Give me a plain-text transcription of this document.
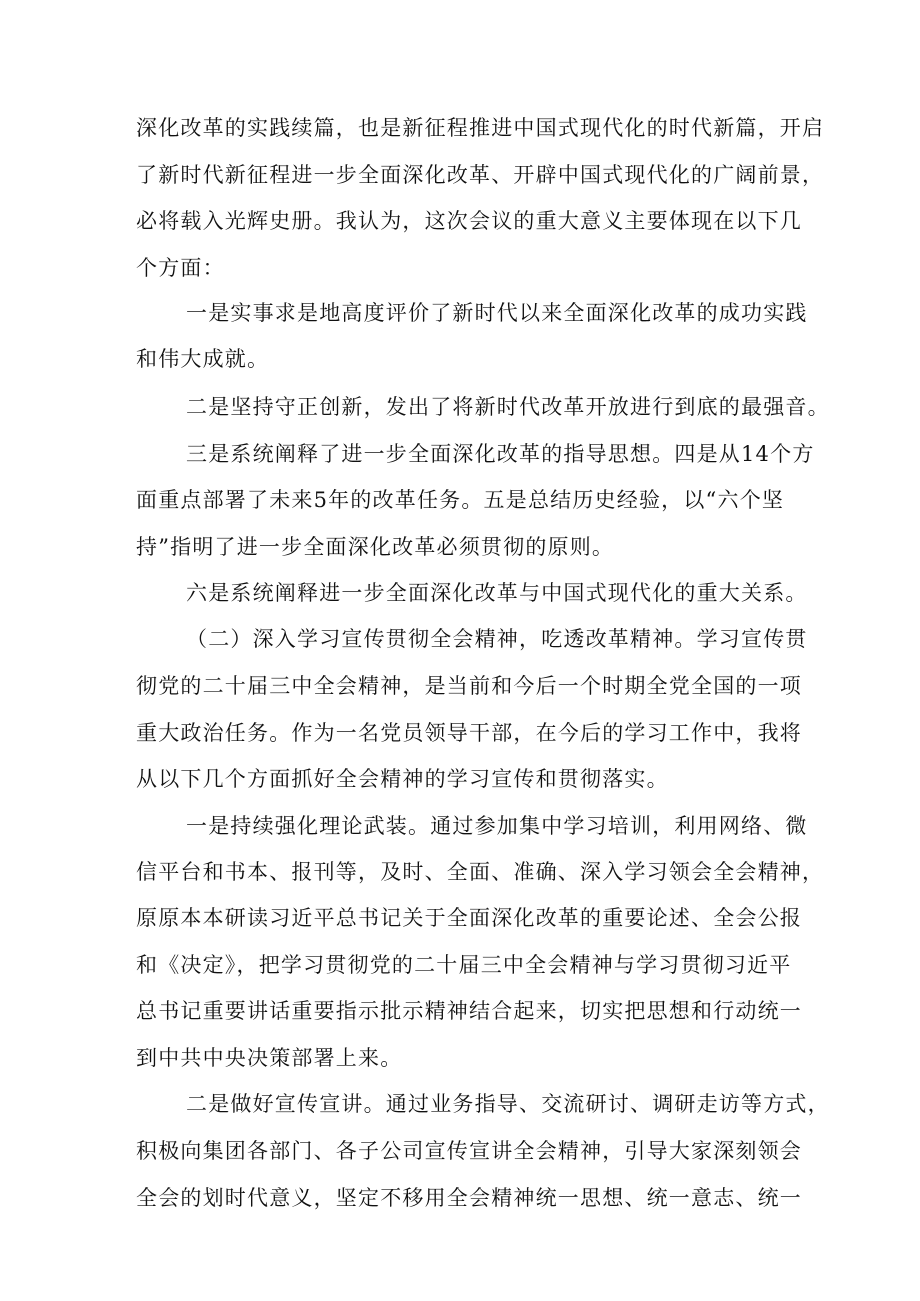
深化改革的实践续篇，也是新征程推进中国式现代化的时代新篇，开启
了新时代新征程进一步全面深化改革、开辟中国式现代化的广阔前景，
必将载入光辉史册。我认为，这次会议的重大意义主要体现在以下几
个方面：
一是实事求是地高度评价了新时代以来全面深化改革的成功实践
和伟大成就。
二是坚持守正创新，发出了将新时代改革开放进行到底的最强音。
三是系统阐释了进一步全面深化改革的指导思想。四是从14个方
面重点部署了未来5年的改革任务。五是总结历史经验，以“六个坚
持”指明了进一步全面深化改革必须贯彻的原则。
六是系统阐释进一步全面深化改革与中国式现代化的重大关系。
（二）深入学习宣传贯彻全会精神，吃透改革精神。学习宣传贯
彻党的二十届三中全会精神，是当前和今后一个时期全党全国的一项
重大政治任务。作为一名党员领导干部，在今后的学习工作中，我将
从以下几个方面抓好全会精神的学习宣传和贯彻落实。
一是持续强化理论武装。通过参加集中学习培训，利用网络、微
信平台和书本、报刊等，及时、全面、准确、深入学习领会全会精神，
原原本本研读习近平总书记关于全面深化改革的重要论述、全会公报
和《决定》，把学习贯彻党的二十届三中全会精神与学习贯彻习近平
总书记重要讲话重要指示批示精神结合起来，切实把思想和行动统一
到中共中央决策部署上来。
二是做好宣传宣讲。通过业务指导、交流研讨、调研走访等方式，
积极向集团各部门、各子公司宣传宣讲全会精神，引导大家深刻领会
全会的划时代意义，坚定不移用全会精神统一思想、统一意志、统一
